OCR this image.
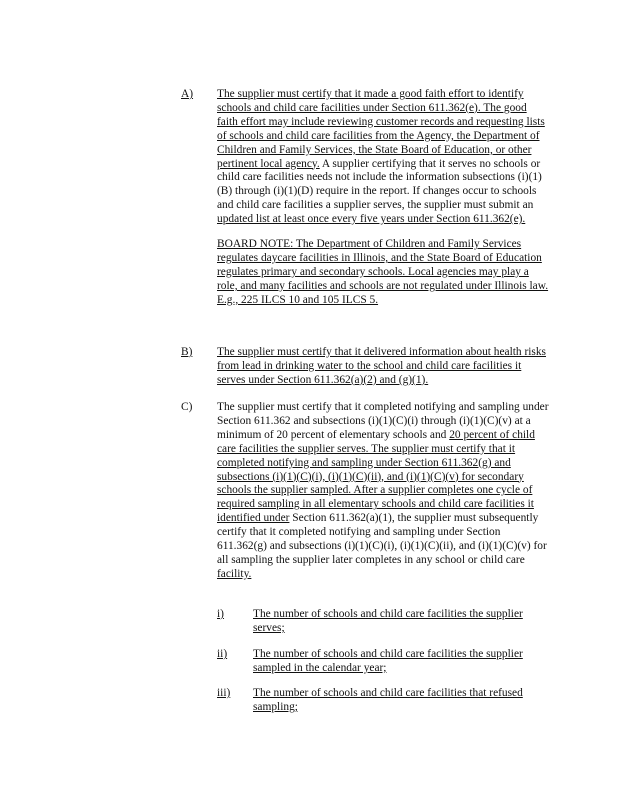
A) The supplier must certify that it made a good faith effort to identify schools and child care facilities under Section 611.362(e). The good faith effort may include reviewing customer records and requesting lists of schools and child care facilities from the Agency, the Department of Children and Family Services, the State Board of Education, or other pertinent local agency. A supplier certifying that it serves no schools or child care facilities needs not include the information subsections (i)(1)(B) through (i)(1)(D) require in the report. If changes occur to schools and child care facilities a supplier serves, the supplier must submit an updated list at least once every five years under Section 611.362(e).

BOARD NOTE: The Department of Children and Family Services regulates daycare facilities in Illinois, and the State Board of Education regulates primary and secondary schools. Local agencies may play a role, and many facilities and schools are not regulated under Illinois law. E.g., 225 ILCS 10 and 105 ILCS 5.

B) The supplier must certify that it delivered information about health risks from lead in drinking water to the school and child care facilities it serves under Section 611.362(a)(2) and (g)(1).

C) The supplier must certify that it completed notifying and sampling under Section 611.362 and subsections (i)(1)(C)(i) through (i)(1)(C)(v) at a minimum of 20 percent of elementary schools and 20 percent of child care facilities the supplier serves. The supplier must certify that it completed notifying and sampling under Section 611.362(g) and subsections (i)(1)(C)(i), (i)(1)(C)(ii), and (i)(1)(C)(v) for secondary schools the supplier sampled. After a supplier completes one cycle of required sampling in all elementary schools and child care facilities it identified under Section 611.362(a)(1), the supplier must subsequently certify that it completed notifying and sampling under Section 611.362(g) and subsections (i)(1)(C)(i), (i)(1)(C)(ii), and (i)(1)(C)(v) for all sampling the supplier later completes in any school or child care facility.

i)	The number of schools and child care facilities the supplier serves;

ii) The number of schools and child care facilities the supplier sampled in the calendar year;

iii) The number of schools and child care facilities that refused sampling;
